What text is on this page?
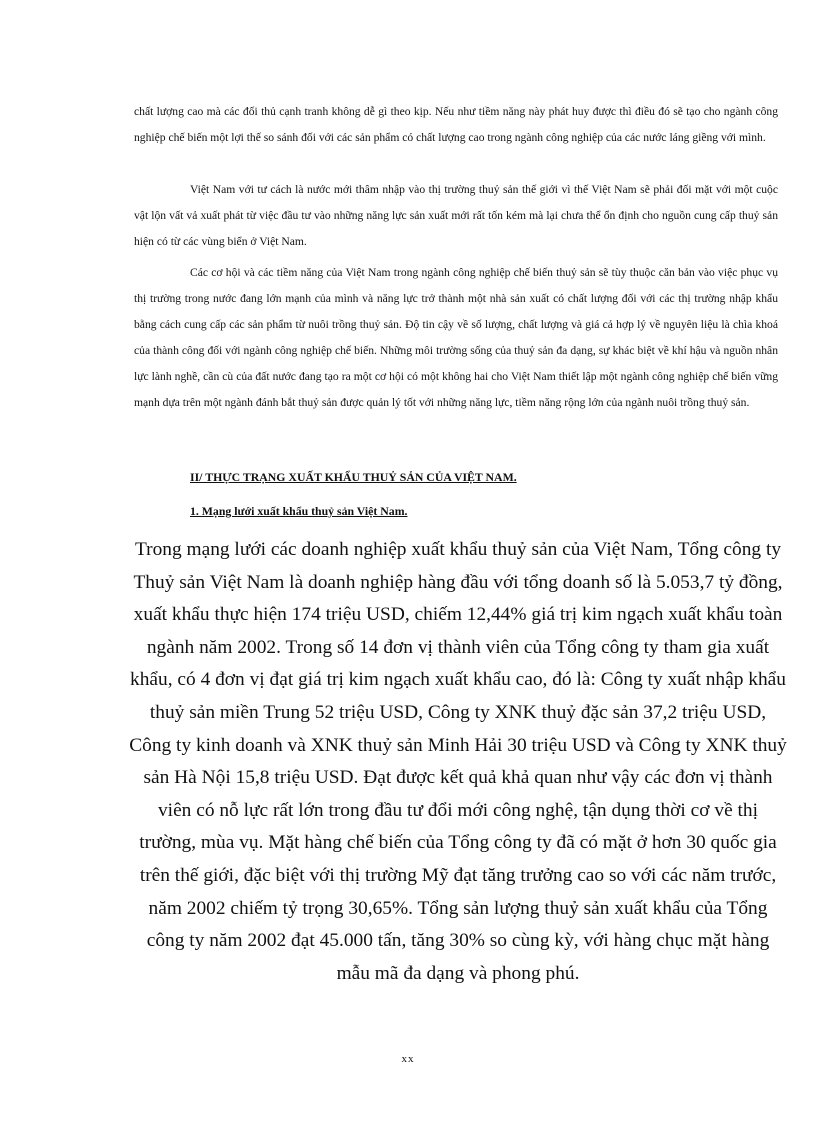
chất lượng cao mà các đối thủ cạnh tranh không dễ gì theo kịp. Nếu như tiềm năng này phát huy được thì điều đó sẽ tạo cho ngành công nghiệp chế biến một lợi thế so sánh đối với các sản phẩm có chất lượng cao trong ngành công nghiệp của các nước láng giềng với mình.

Việt Nam với tư cách là nước mới thâm nhập vào thị trường thuỷ sản thế giới vì thế Việt Nam sẽ phải đối mặt với một cuộc vật lộn vất vả xuất phát từ việc đầu tư vào những năng lực sản xuất mới rất tốn kém mà lại chưa thể ổn định cho nguồn cung cấp thuỷ sản hiện có từ các vùng biển ở Việt Nam.

Các cơ hội và các tiềm năng của Việt Nam trong ngành công nghiệp chế biến thuỷ sản sẽ tùy thuộc căn bản vào việc phục vụ thị trường trong nước đang lớn mạnh của mình và năng lực trở thành một nhà sản xuất có chất lượng đối với các thị trường nhập khẩu bằng cách cung cấp các sản phẩm từ nuôi trồng thuỷ sản. Độ tin cậy về số lượng, chất lượng và giá cả hợp lý về nguyên liệu là chìa khoá của thành công đối với ngành công nghiệp chế biến. Những môi trường sống của thuỷ sản đa dạng, sự khác biệt về khí hậu và nguồn nhân lực lành nghề, cần cù của đất nước đang tạo ra một cơ hội có một không hai cho Việt Nam thiết lập một ngành công nghiệp chế biến vững mạnh dựa trên một ngành đánh bắt thuỷ sản được quản lý tốt với những năng lực, tiềm năng rộng lớn của ngành nuôi trồng thuỷ sản.

II/ THỰC TRẠNG XUẤT KHẨU THUỶ SẢN CỦA VIỆT NAM.

1. Mạng lưới xuất khẩu thuỷ sản Việt Nam.

Trong mạng lưới các doanh nghiệp xuất khẩu thuỷ sản của Việt Nam, Tổng công ty Thuỷ sản Việt Nam là doanh nghiệp hàng đầu với tổng doanh số là 5.053,7 tỷ đồng, xuất khẩu thực hiện 174 triệu USD, chiếm 12,44% giá trị kim ngạch xuất khẩu toàn ngành năm 2002. Trong số 14 đơn vị thành viên của Tổng công ty tham gia xuất khẩu, có 4 đơn vị đạt giá trị kim ngạch xuất khẩu cao, đó là: Công ty xuất nhập khẩu thuỷ sản miền Trung 52 triệu USD, Công ty XNK thuỷ đặc sản 37,2 triệu USD, Công ty kinh doanh và XNK thuỷ sản Minh Hải 30 triệu USD và Công ty XNK thuỷ sản Hà Nội 15,8 triệu USD. Đạt được kết quả khả quan như vậy các đơn vị thành viên có nỗ lực rất lớn trong đầu tư đổi mới công nghệ, tận dụng thời cơ về thị trường, mùa vụ. Mặt hàng chế biến của Tổng công ty đã có mặt ở hơn 30 quốc gia trên thế giới, đặc biệt với thị trường Mỹ đạt tăng trưởng cao so với các năm trước, năm 2002 chiếm tỷ trọng 30,65%. Tổng sản lượng thuỷ sản xuất khẩu của Tổng công ty năm 2002 đạt 45.000 tấn, tăng 30% so cùng kỳ, với hàng chục mặt hàng mẫu mã đa dạng và phong phú.

xx
